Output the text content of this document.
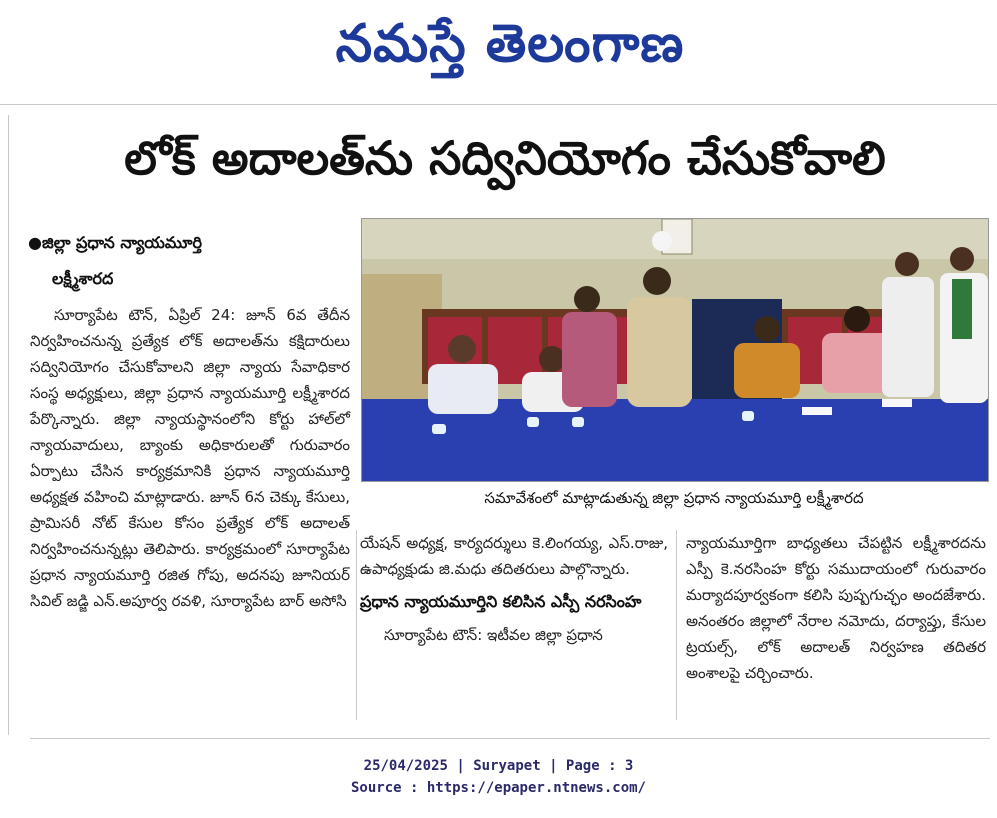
నమస్తే తెలంగాణ
లోక్ అదాలత్‌ను సద్వినియోగం చేసుకోవాలి
●జిల్లా ప్రధాన న్యాయమూర్తి
లక్ష్మీశారద

సూర్యాపేట టౌన్, ఏప్రిల్ 24: జూన్ 6వ తేదీన నిర్వహించనున్న ప్రత్యేక లోక్ అదాలత్‌ను కక్షిదారులు సద్వినియోగం చేసుకోవాలని జిల్లా న్యాయ సేవాధికార సంస్థ అధ్యక్షులు, జిల్లా ప్రధాన న్యాయమూర్తి లక్ష్మీశారద పేర్కొన్నారు. జిల్లా న్యాయస్థానంలోని కోర్టు హాల్‌లో న్యాయవాదులు, బ్యాంకు అధికారులతో గురువారం ఏర్పాటు చేసిన కార్యక్రమానికి ప్రధాన న్యాయమూర్తి అధ్యక్షత వహించి మాట్లాడారు. జూన్ 6న చెక్కు కేసులు, ప్రామిసరీ నోట్ కేసుల కోసం ప్రత్యేక లోక్ అదాలత్ నిర్వహించనున్నట్లు తెలిపారు. కార్యక్రమంలో సూర్యాపేట ప్రధాన న్యాయమూర్తి రజిత గోపు, అదనపు జూనియర్ సివిల్ జడ్జి ఎన్.అపూర్వ రవళి, సూర్యాపేట బార్ అసోసి

సమావేశంలో మాట్లాడుతున్న జిల్లా ప్రధాన న్యాయమూర్తి లక్ష్మీశారద

యేషన్ అధ్యక్ష, కార్యదర్శులు కె.లింగయ్య, ఎస్.రాజు, ఉపాధ్యక్షుడు జి.మధు తదితరులు పాల్గొన్నారు.

ప్రధాన న్యాయమూర్తిని కలిసిన ఎస్పీ నరసింహ

సూర్యాపేట టౌన్: ఇటీవల జిల్లా ప్రధాన

న్యాయమూర్తిగా బాధ్యతలు చేపట్టిన లక్ష్మీశారదను ఎస్పీ కె.నరసింహ కోర్టు సముదాయంలో గురువారం మర్యాదపూర్వకంగా కలిసి పుష్పగుచ్ఛం అందజేశారు. అనంతరం జిల్లాలో నేరాల నమోదు, దర్యాప్తు, కేసుల ట్రయల్స్, లోక్ అదాలత్ నిర్వహణ తదితర అంశాలపై చర్చించారు.

25/04/2025 | Suryapet | Page : 3
Source : https://epaper.ntnews.com/
